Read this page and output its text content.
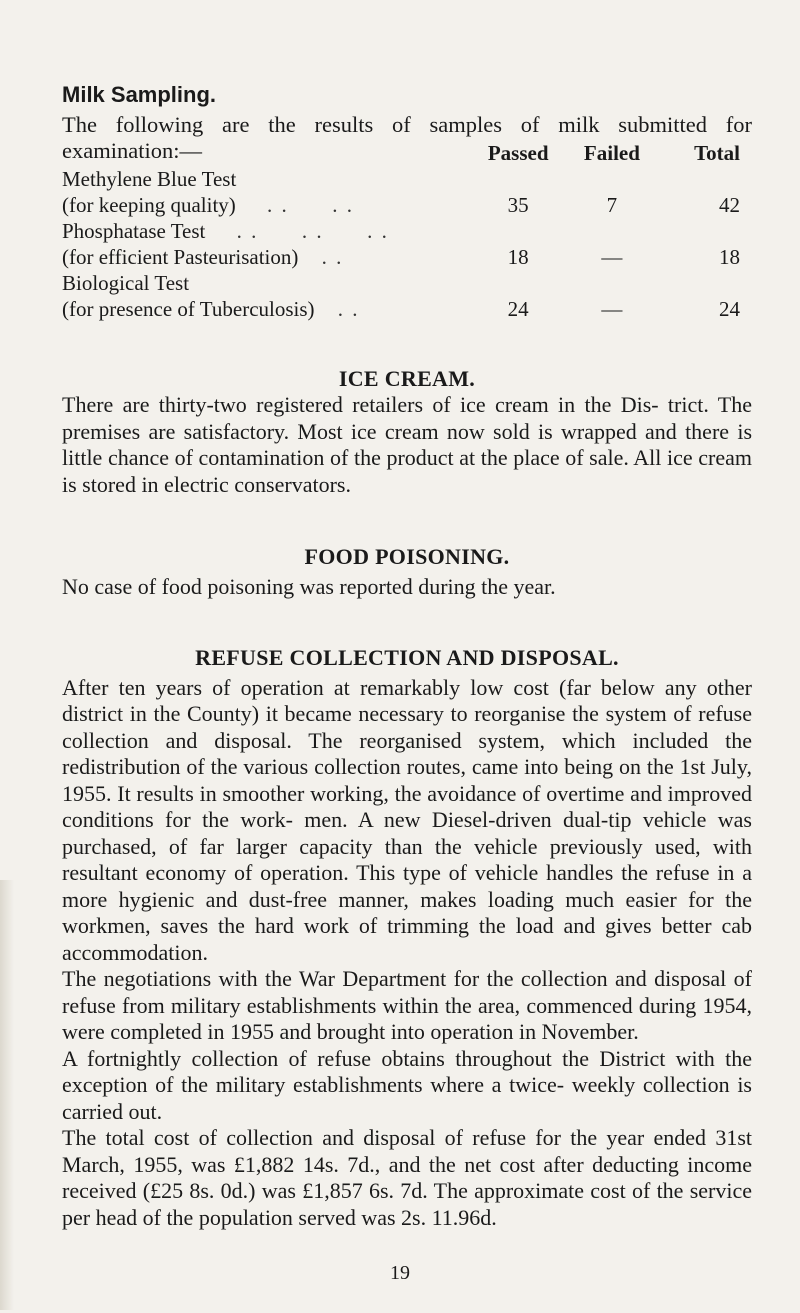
Milk Sampling.

The following are the results of samples of milk submitted for
examination:—

		Passed	Failed	Total
Methylene Blue Test			
(for keeping quality) . .      . .	35	7	42
Phosphatase Test . .      . .      . .			
(for efficient Pasteurisation) . .	18	—	18
Biological Test			
(for presence of Tuberculosis) . .	24	—	24
ICE CREAM.

There are thirty-two registered retailers of ice cream in the Dis- trict. The premises are satisfactory. Most ice cream now sold is wrapped and there is little chance of contamination of the product at the place of sale. All ice cream is stored in electric conservators.

FOOD POISONING.

No case of food poisoning was reported during the year.

REFUSE COLLECTION AND DISPOSAL.

After ten years of operation at remarkably low cost (far below any other district in the County) it became necessary to reorganise the system of refuse collection and disposal. The reorganised system, which included the redistribution of the various collection routes, came into being on the 1st July, 1955. It results in smoother working, the avoidance of overtime and improved conditions for the work- men. A new Diesel-driven dual-tip vehicle was purchased, of far larger capacity than the vehicle previously used, with resultant economy of operation. This type of vehicle handles the refuse in a more hygienic and dust-free manner, makes loading much easier for the workmen, saves the hard work of trimming the load and gives better cab accommodation.

The negotiations with the War Department for the collection and disposal of refuse from military establishments within the area, commenced during 1954, were completed in 1955 and brought into operation in November.

A fortnightly collection of refuse obtains throughout the District with the exception of the military establishments where a twice- weekly collection is carried out.

The total cost of collection and disposal of refuse for the year ended 31st March, 1955, was £1,882 14s. 7d., and the net cost after deducting income received (£25 8s. 0d.) was £1,857 6s. 7d. The approximate cost of the service per head of the population served was 2s. 11.96d.

19
